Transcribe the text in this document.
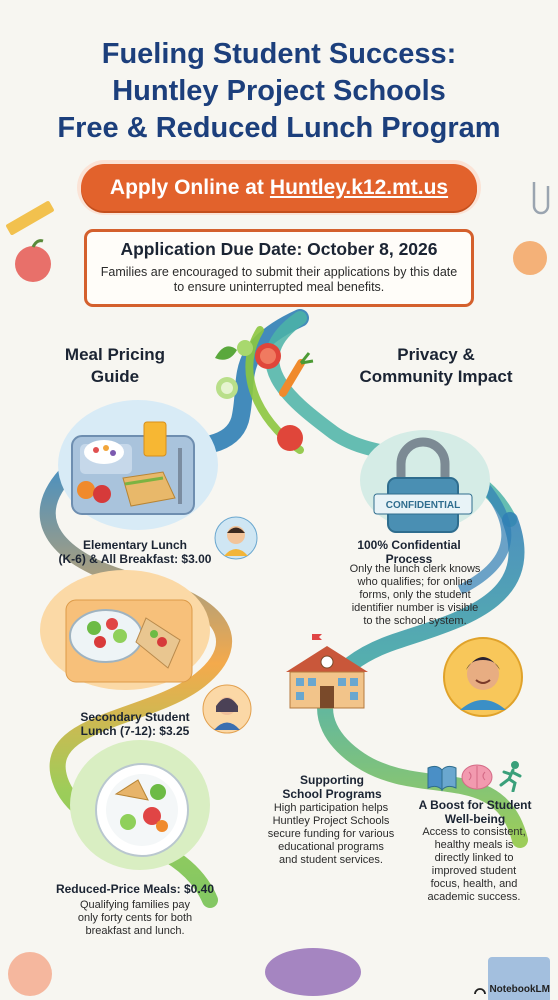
Fueling Student Success:
Huntley Project Schools
Free & Reduced Lunch Program
Apply Online at Huntley.k12.mt.us
Application Due Date: October 8, 2026
Families are encouraged to submit their applications by this date to ensure uninterrupted meal benefits.
Meal Pricing
Guide
Privacy &
Community Impact
Elementary Lunch
(K-6) & All Breakfast: $3.00
Secondary Student
Lunch (7-12): $3.25
Reduced-Price Meals: $0.40
Qualifying families pay
only forty cents for both
breakfast and lunch.
CONFIDENTIAL
100% Confidential
Process
Only the lunch clerk knows
who qualifies; for online
forms, only the student
identifier number is visible
to the school system.
Supporting
School Programs
High participation helps
Huntley Project Schools
secure funding for various
educational programs
and student services.
A Boost for Student
Well-being
Access to consistent,
healthy meals is
directly linked to
improved student
focus, health, and
academic success.
NotebookLM
